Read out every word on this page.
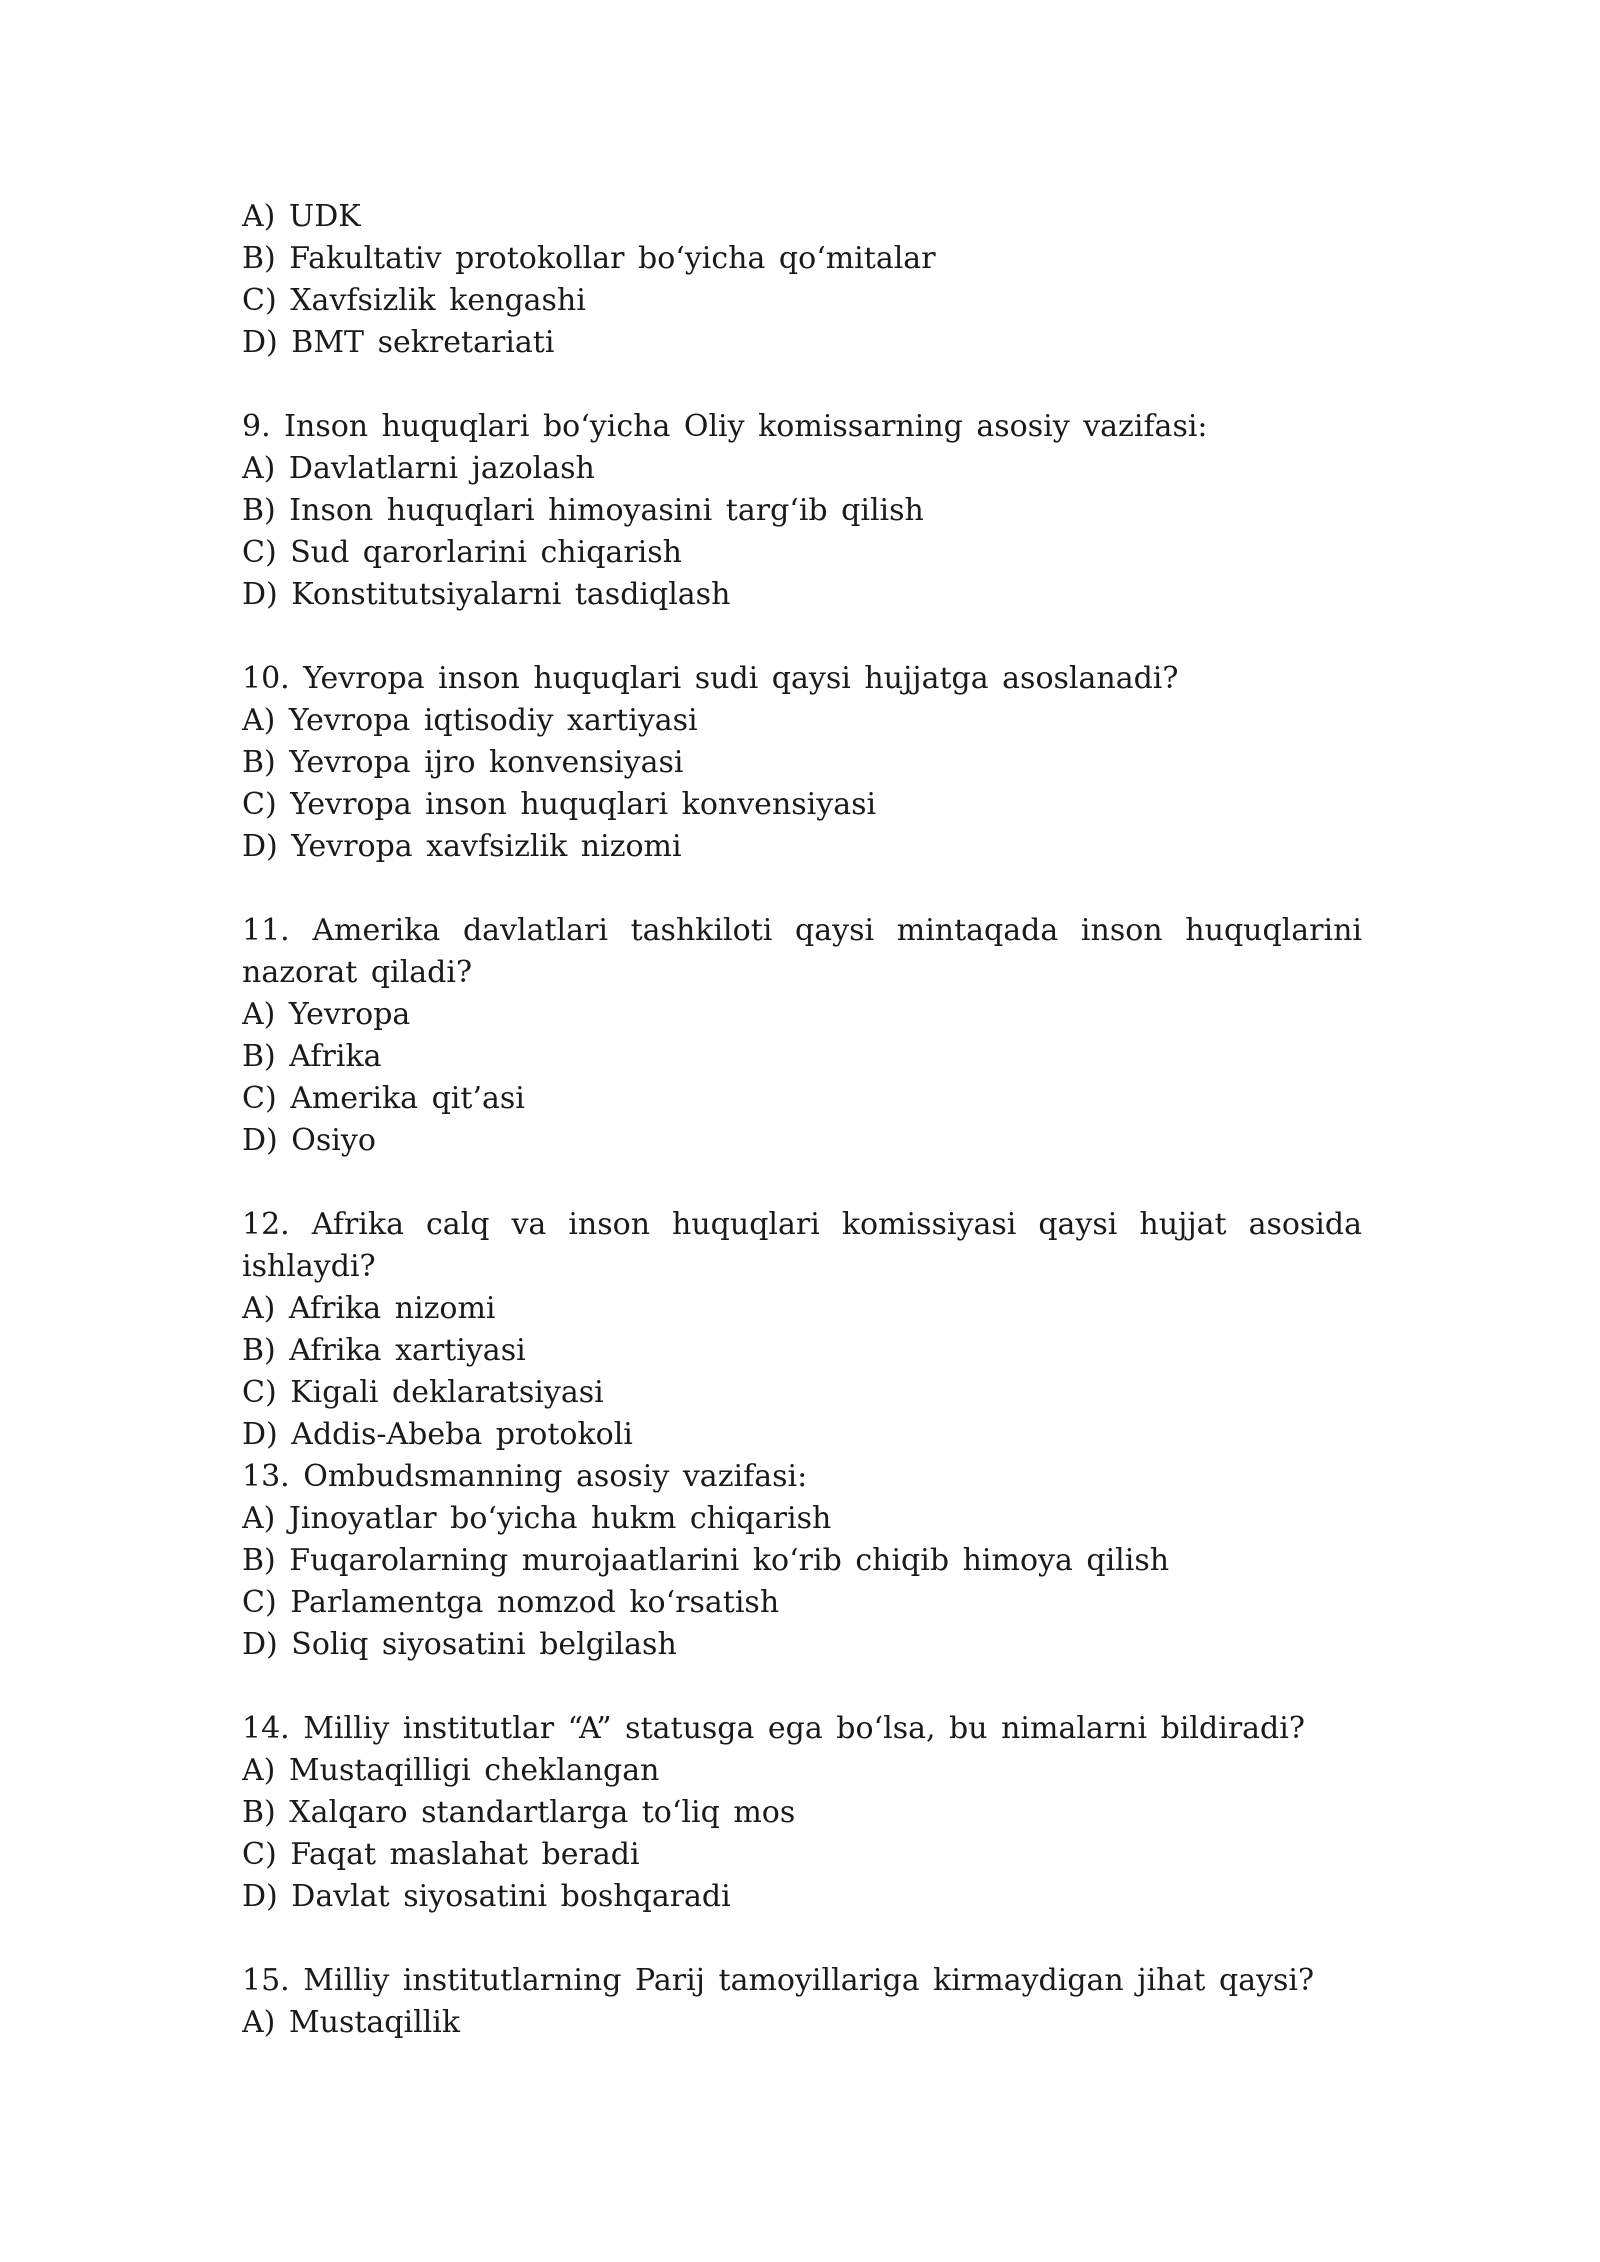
A) UDK
B) Fakultativ protokollar bo‘yicha qo‘mitalar
C) Xavfsizlik kengashi
D) BMT sekretariati
9. Inson huquqlari bo‘yicha Oliy komissarning asosiy vazifasi:
A) Davlatlarni jazolash
B) Inson huquqlari himoyasini targ‘ib qilish
C) Sud qarorlarini chiqarish
D) Konstitutsiyalarni tasdiqlash
10. Yevropa inson huquqlari sudi qaysi hujjatga asoslanadi?
A) Yevropa iqtisodiy xartiyasi
B) Yevropa ijro konvensiyasi
C) Yevropa inson huquqlari konvensiyasi
D) Yevropa xavfsizlik nizomi
11. Amerika davlatlari tashkiloti qaysi mintaqada inson huquqlarini
nazorat qiladi?
A) Yevropa
B) Afrika
C) Amerika qit’asi
D) Osiyo
12. Afrika calq va inson huquqlari komissiyasi qaysi hujjat asosida
ishlaydi?
A) Afrika nizomi
B) Afrika xartiyasi
C) Kigali deklaratsiyasi
D) Addis-Abeba protokoli
13. Ombudsmanning asosiy vazifasi:
A) Jinoyatlar bo‘yicha hukm chiqarish
B) Fuqarolarning murojaatlarini ko‘rib chiqib himoya qilish
C) Parlamentga nomzod ko‘rsatish
D) Soliq siyosatini belgilash
14. Milliy institutlar “A” statusga ega bo‘lsa, bu nimalarni bildiradi?
A) Mustaqilligi cheklangan
B) Xalqaro standartlarga to‘liq mos
C) Faqat maslahat beradi
D) Davlat siyosatini boshqaradi
15. Milliy institutlarning Parij tamoyillariga kirmaydigan jihat qaysi?
A) Mustaqillik
